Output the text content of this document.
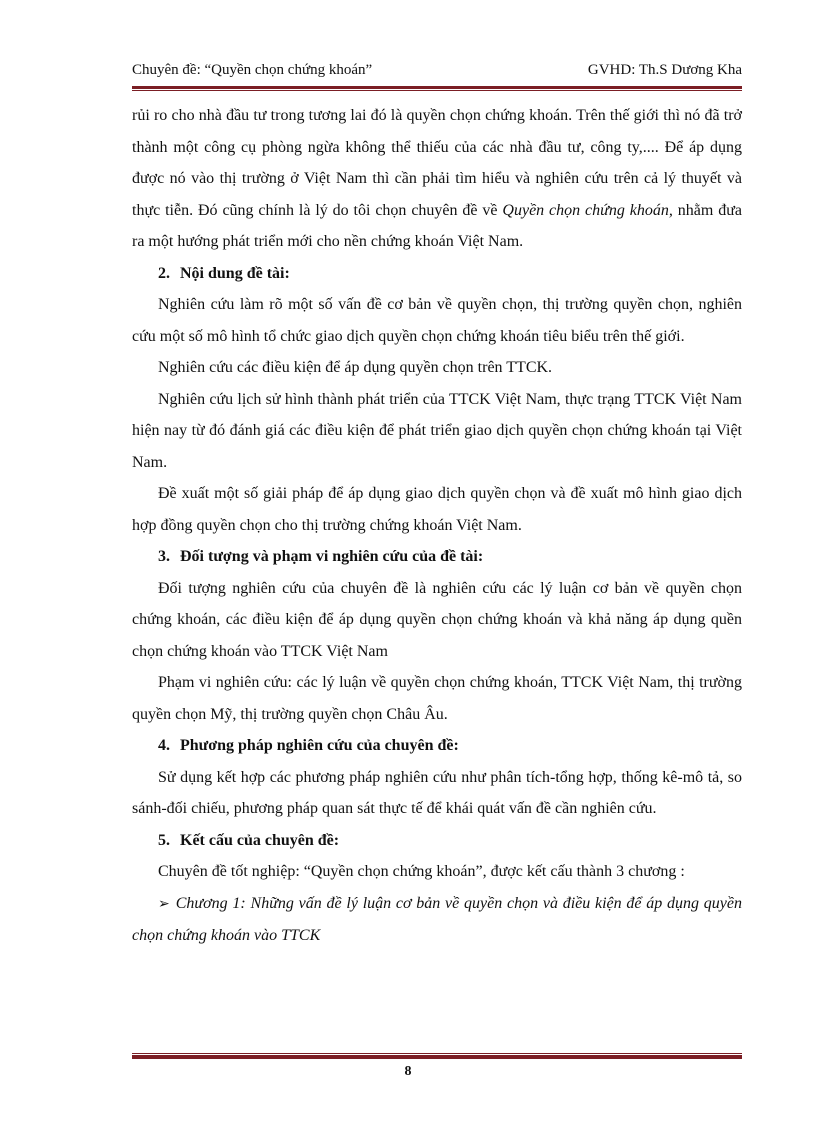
Chuyên đề: “Quyền chọn chứng khoán”	GVHD: Th.S Dương Kha

rủi ro cho nhà đầu tư trong tương lai đó là quyền chọn chứng khoán. Trên thế giới thì nó đã trở thành một công cụ phòng ngừa không thể thiếu của các nhà đầu tư, công ty,.... Để áp dụng được nó vào thị trường ở Việt Nam thì cần phải tìm hiểu và nghiên cứu trên cả lý thuyết và thực tiễn. Đó cũng chính là lý do tôi chọn chuyên đề về Quyền chọn chứng khoán, nhằm đưa ra một hướng phát triển mới cho nền chứng khoán Việt Nam.

2. Nội dung đề tài:

Nghiên cứu làm rõ một số vấn đề cơ bản về quyền chọn, thị trường quyền chọn, nghiên cứu một số mô hình tổ chức giao dịch quyền chọn chứng khoán tiêu biểu trên thế giới.

Nghiên cứu các điều kiện để áp dụng quyền chọn trên TTCK.

Nghiên cứu lịch sử hình thành phát triển của TTCK Việt Nam, thực trạng TTCK Việt Nam hiện nay từ đó đánh giá các điều kiện để phát triển giao dịch quyền chọn chứng khoán tại Việt Nam.

Đề xuất một số giải pháp để áp dụng giao dịch quyền chọn và đề xuất mô hình giao dịch hợp đồng quyền chọn cho thị trường chứng khoán Việt Nam.

3. Đối tượng và phạm vi nghiên cứu của đề tài:

Đối tượng nghiên cứu của chuyên đề là nghiên cứu các lý luận cơ bản về quyền chọn chứng khoán, các điều kiện để áp dụng quyền chọn chứng khoán và khả năng áp dụng quền chọn chứng khoán vào TTCK Việt Nam

Phạm vi nghiên cứu: các lý luận về quyền chọn chứng khoán, TTCK Việt Nam, thị trường quyền chọn Mỹ, thị trường quyền chọn Châu Âu.

4. Phương pháp nghiên cứu của chuyên đề:

Sử dụng kết hợp các phương pháp nghiên cứu như phân tích-tổng hợp, thống kê-mô tả, so sánh-đối chiếu, phương pháp quan sát thực tế để khái quát vấn đề cần nghiên cứu.

5. Kết cấu của chuyên đề:

Chuyên đề tốt nghiệp: “Quyền chọn chứng khoán”, được kết cấu thành 3 chương :

➢ Chương 1: Những vấn đề lý luận cơ bản về quyền chọn và điều kiện để áp dụng quyền chọn chứng khoán vào TTCK

8
